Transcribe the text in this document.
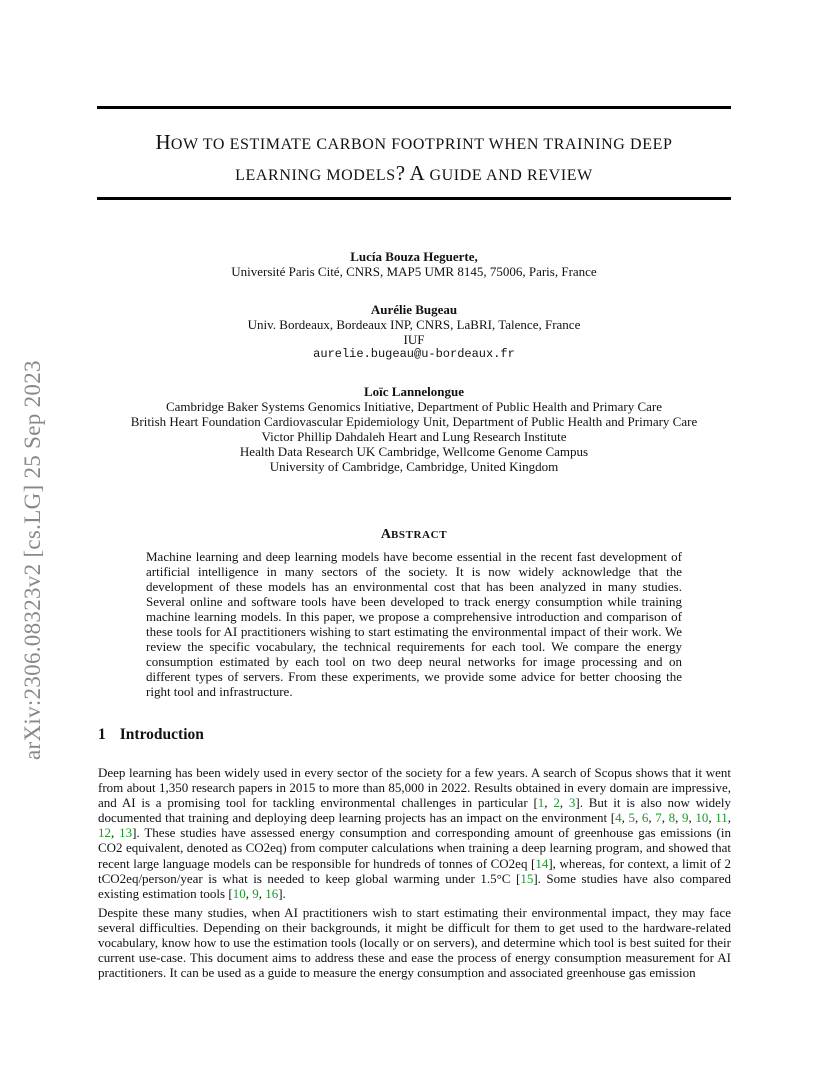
arXiv:2306.08323v2 [cs.LG] 25 Sep 2023
HOW TO ESTIMATE CARBON FOOTPRINT WHEN TRAINING DEEP
LEARNING MODELS? A GUIDE AND REVIEW
Lucía Bouza Heguerte,
Université Paris Cité, CNRS, MAP5 UMR 8145, 75006, Paris, France
Aurélie Bugeau
Univ. Bordeaux, Bordeaux INP, CNRS, LaBRI, Talence, France
IUF
aurelie.bugeau@u-bordeaux.fr
Loïc Lannelongue
Cambridge Baker Systems Genomics Initiative, Department of Public Health and Primary Care
British Heart Foundation Cardiovascular Epidemiology Unit, Department of Public Health and Primary Care
Victor Phillip Dahdaleh Heart and Lung Research Institute
Health Data Research UK Cambridge, Wellcome Genome Campus
University of Cambridge, Cambridge, United Kingdom
ABSTRACT
Machine learning and deep learning models have become essential in the recent fast development of artificial intelligence in many sectors of the society. It is now widely acknowledge that the development of these models has an environmental cost that has been analyzed in many studies. Several online and software tools have been developed to track energy consumption while training machine learning models. In this paper, we propose a comprehensive introduction and comparison of these tools for AI practitioners wishing to start estimating the environmental impact of their work. We review the specific vocabulary, the technical requirements for each tool. We compare the energy consumption estimated by each tool on two deep neural networks for image processing and on different types of servers. From these experiments, we provide some advice for better choosing the right tool and infrastructure.
1 Introduction

Deep learning has been widely used in every sector of the society for a few years. A search of Scopus shows that it went from about 1,350 research papers in 2015 to more than 85,000 in 2022. Results obtained in every domain are impressive, and AI is a promising tool for tackling environmental challenges in particular [1, 2, 3]. But it is also now widely documented that training and deploying deep learning projects has an impact on the environment [4, 5, 6, 7, 8, 9, 10, 11, 12, 13]. These studies have assessed energy consumption and corresponding amount of greenhouse gas emissions (in CO2 equivalent, denoted as CO2eq) from computer calculations when training a deep learning program, and showed that recent large language models can be responsible for hundreds of tonnes of CO2eq [14], whereas, for context, a limit of 2 tCO2eq/person/year is what is needed to keep global warming under 1.5°C [15]. Some studies have also compared existing estimation tools [10, 9, 16].

Despite these many studies, when AI practitioners wish to start estimating their environmental impact, they may face several difficulties. Depending on their backgrounds, it might be difficult for them to get used to the hardware-related vocabulary, know how to use the estimation tools (locally or on servers), and determine which tool is best suited for their current use-case. This document aims to address these and ease the process of energy consumption measurement for AI practitioners. It can be used as a guide to measure the energy consumption and associated greenhouse gas emission
